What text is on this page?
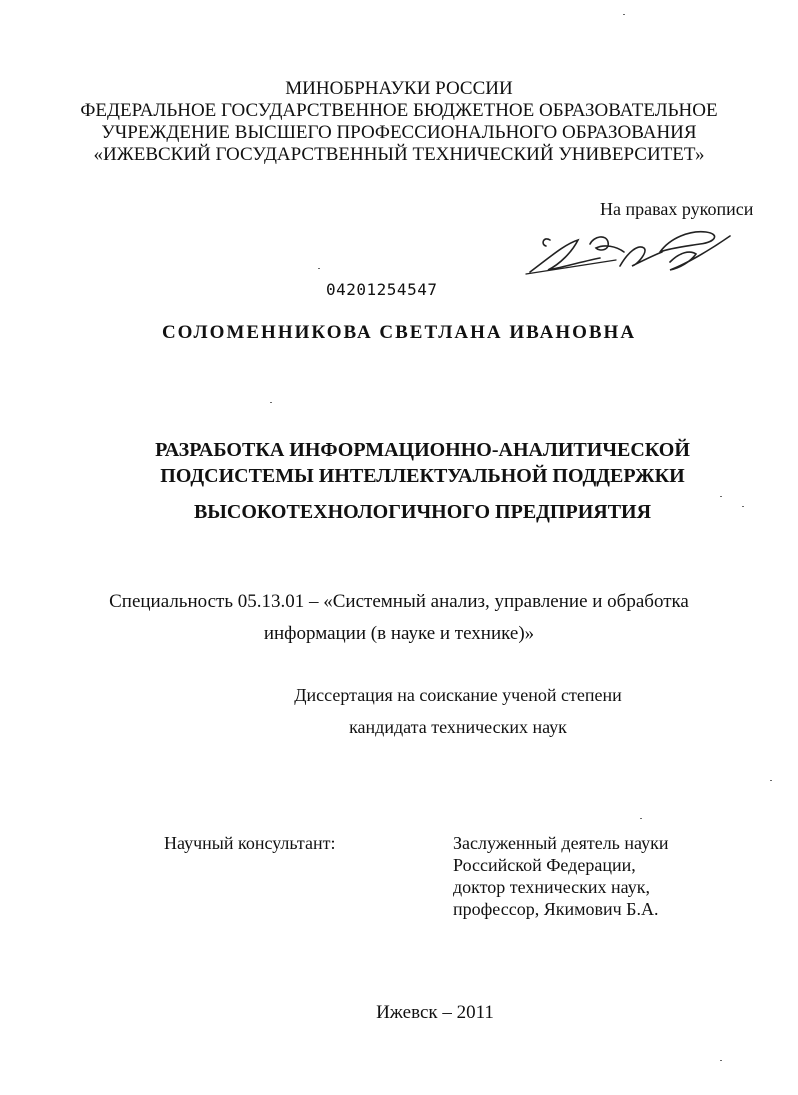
МИНОБРНАУКИ РОССИИ
ФЕДЕРАЛЬНОЕ ГОСУДАРСТВЕННОЕ БЮДЖЕТНОЕ ОБРАЗОВАТЕЛЬНОЕ
УЧРЕЖДЕНИЕ ВЫСШЕГО ПРОФЕССИОНАЛЬНОГО ОБРАЗОВАНИЯ
«ИЖЕВСКИЙ ГОСУДАРСТВЕННЫЙ ТЕХНИЧЕСКИЙ УНИВЕРСИТЕТ»
На правах рукописи
04201254547
СОЛОМЕННИКОВА СВЕТЛАНА ИВАНОВНА
РАЗРАБОТКА ИНФОРМАЦИОННО-АНАЛИТИЧЕСКОЙ
ПОДСИСТЕМЫ ИНТЕЛЛЕКТУАЛЬНОЙ ПОДДЕРЖКИ
ВЫСОКОТЕХНОЛОГИЧНОГО ПРЕДПРИЯТИЯ
Специальность 05.13.01 – «Системный анализ, управление и обработка
информации (в науке и технике)»
Диссертация на соискание ученой степени
кандидата технических наук
Научный консультант:	Заслуженный деятель науки
Российской Федерации,
доктор технических наук,
профессор, Якимович Б.А.
Ижевск – 2011
